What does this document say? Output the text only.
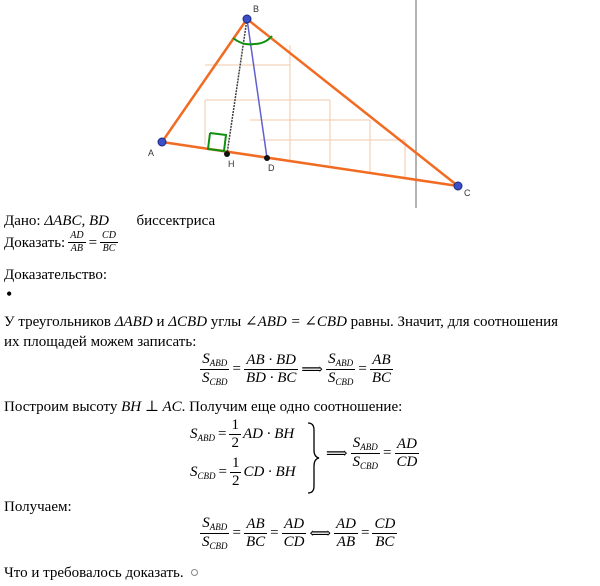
A
B
C
H	D
Дано: ΔABC, BD биссектриса
Доказать: $\frac{AD}{AB} = \frac{CD}{BC}$
Доказательство:
•
У треугольников ΔABD и ΔCBD углы ∠ABD = ∠CBD равны. Значит, для соотношения
их площадей можем записать:
$\frac{S_{ABD}}{S_{CBD}} = \frac{AB \cdot BD}{BD \cdot BC}$ ⟹ $\frac{S_{ABD}}{S_{CBD}} = \frac{AB}{BC}$
Построим высоту BH ⊥ AC. Получим еще одно соотношение:
$S_{ABD} = \frac{1}{2}$ AD · BH
$S_{CBD} = \frac{1}{2}$ CD · BH
⟹ $\frac{S_{ABD}}{S_{CBD}} = \frac{AD}{CD}$
Получаем:
$\frac{S_{ABD}}{S_{CBD}} = \frac{AB}{BC} = \frac{AD}{CD}$ ⟺ $\frac{AD}{AB} = \frac{CD}{BC}$
Что и требовалось доказать.
